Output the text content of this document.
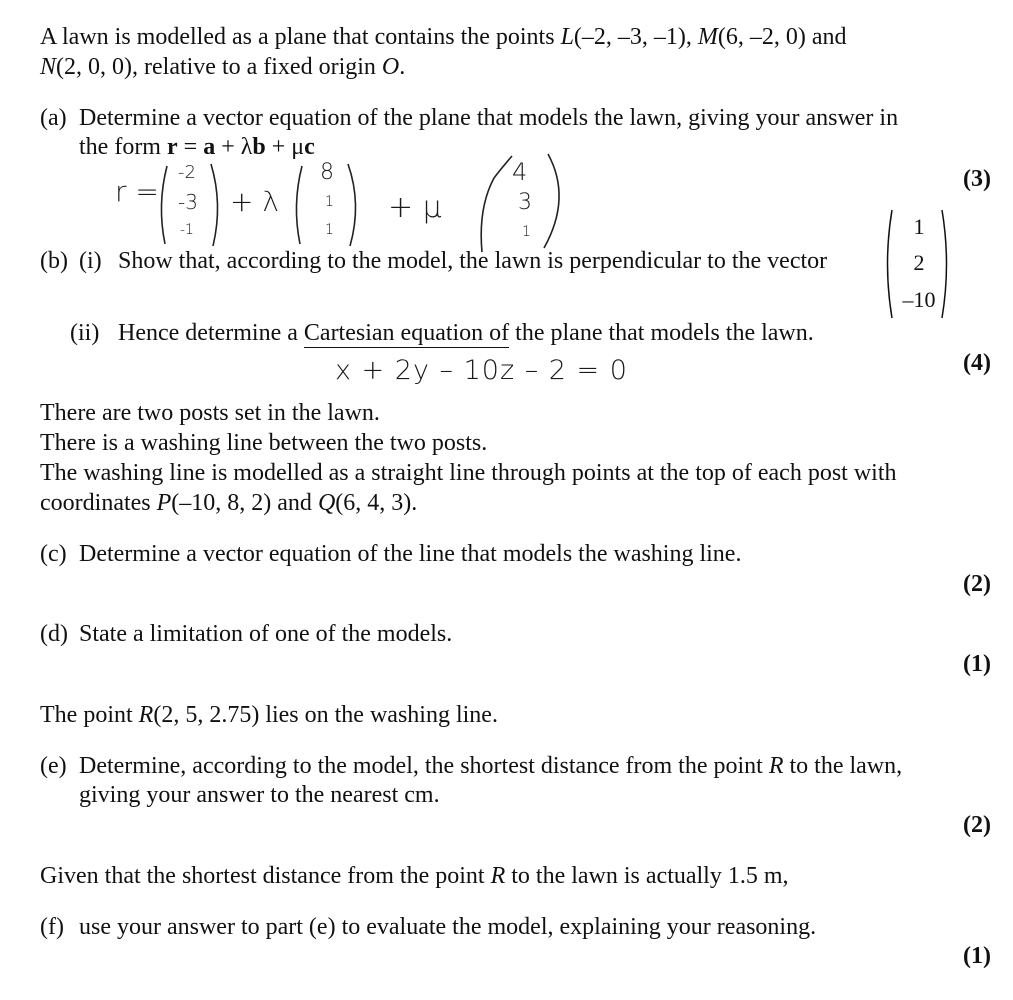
A lawn is modelled as a plane that contains the points L(–2, –3, –1), M(6, –2, 0) and
N(2, 0, 0), relative to a fixed origin O.
(a) Determine a vector equation of the plane that models the lawn, giving your answer in
the form r = a + λb + μc
(3)
r =
-2
-3
-1
+ λ
8
1
1
+ μ
4
3
1
(b) (i) Show that, according to the model, the lawn is perpendicular to the vector
1
2
–10
(ii) Hence determine a Cartesian equation of the plane that models the lawn.
(4)
x + 2y – 10z – 2 = 0
There are two posts set in the lawn.
There is a washing line between the two posts.
The washing line is modelled as a straight line through points at the top of each post with
coordinates P(–10, 8, 2) and Q(6, 4, 3).
(c) Determine a vector equation of the line that models the washing line.
(2)
(d) State a limitation of one of the models.
(1)
The point R(2, 5, 2.75) lies on the washing line.
(e) Determine, according to the model, the shortest distance from the point R to the lawn,
giving your answer to the nearest cm.
(2)
Given that the shortest distance from the point R to the lawn is actually 1.5 m,
(f) use your answer to part (e) to evaluate the model, explaining your reasoning.
(1)
